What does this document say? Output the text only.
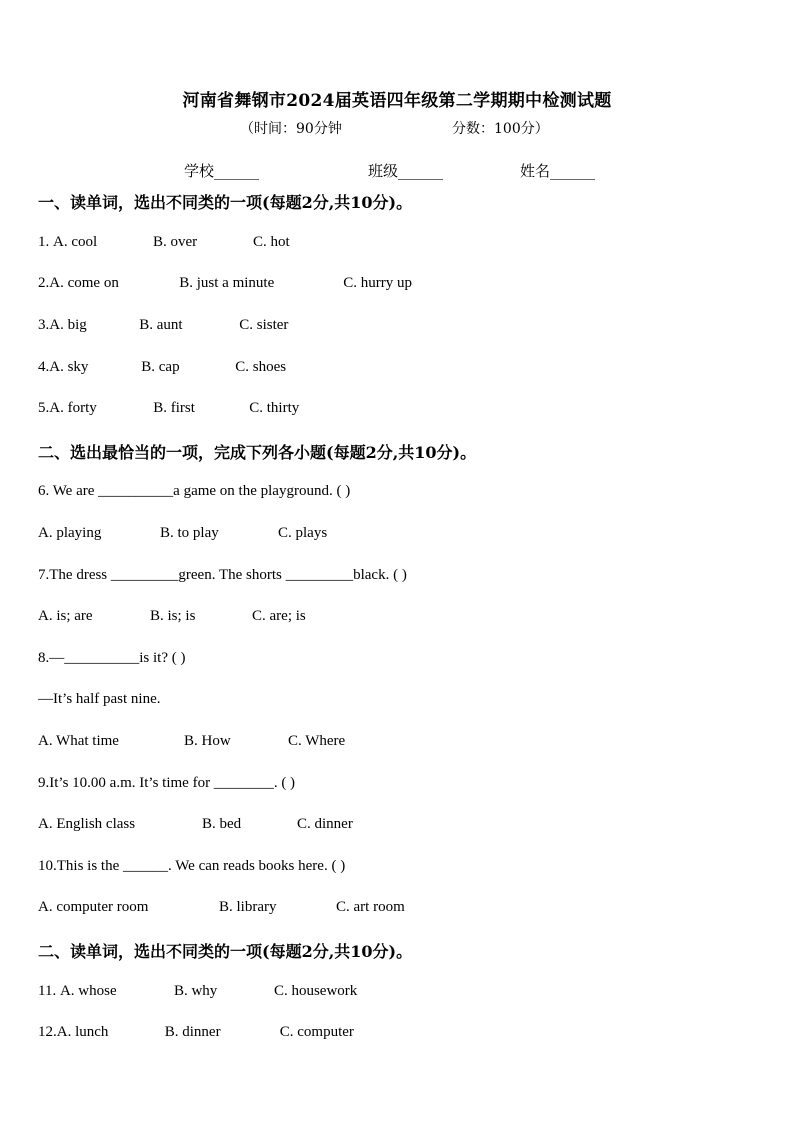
河南省舞钢市2024届英语四年级第二学期期中检测试题
（时间：90分钟	分数：100分）
学校______	班级______	姓名______
一、读单词，选出不同类的一项(每题2分,共10分)。
1. A. cool	B. over	C. hot
2.A. come on	B. just a minute	C. hurry up
3.A. big	B. aunt	C. sister
4.A. sky	B. cap	C. shoes
5.A. forty	B. first	C. thirty
二、选出最恰当的一项，完成下列各小题(每题2分,共10分)。
6. We are __________a game on the playground. ( )
A. playing	B. to play	C. plays
7.The dress _________green. The shorts _________black. ( )
A. is; are	B. is; is	C. are; is
8.—__________is it? ( )
—It’s half past nine.
A. What time	B. How	C. Where
9.It’s 10.00 a.m. It’s time for ________. ( )
A. English class	B. bed	C. dinner
10.This is the ______. We can reads books here. ( )
A. computer room	B. library	C. art room
二、读单词，选出不同类的一项(每题2分,共10分)。
11. A. whose	B. why	C. housework
12.A. lunch	B. dinner	C. computer
